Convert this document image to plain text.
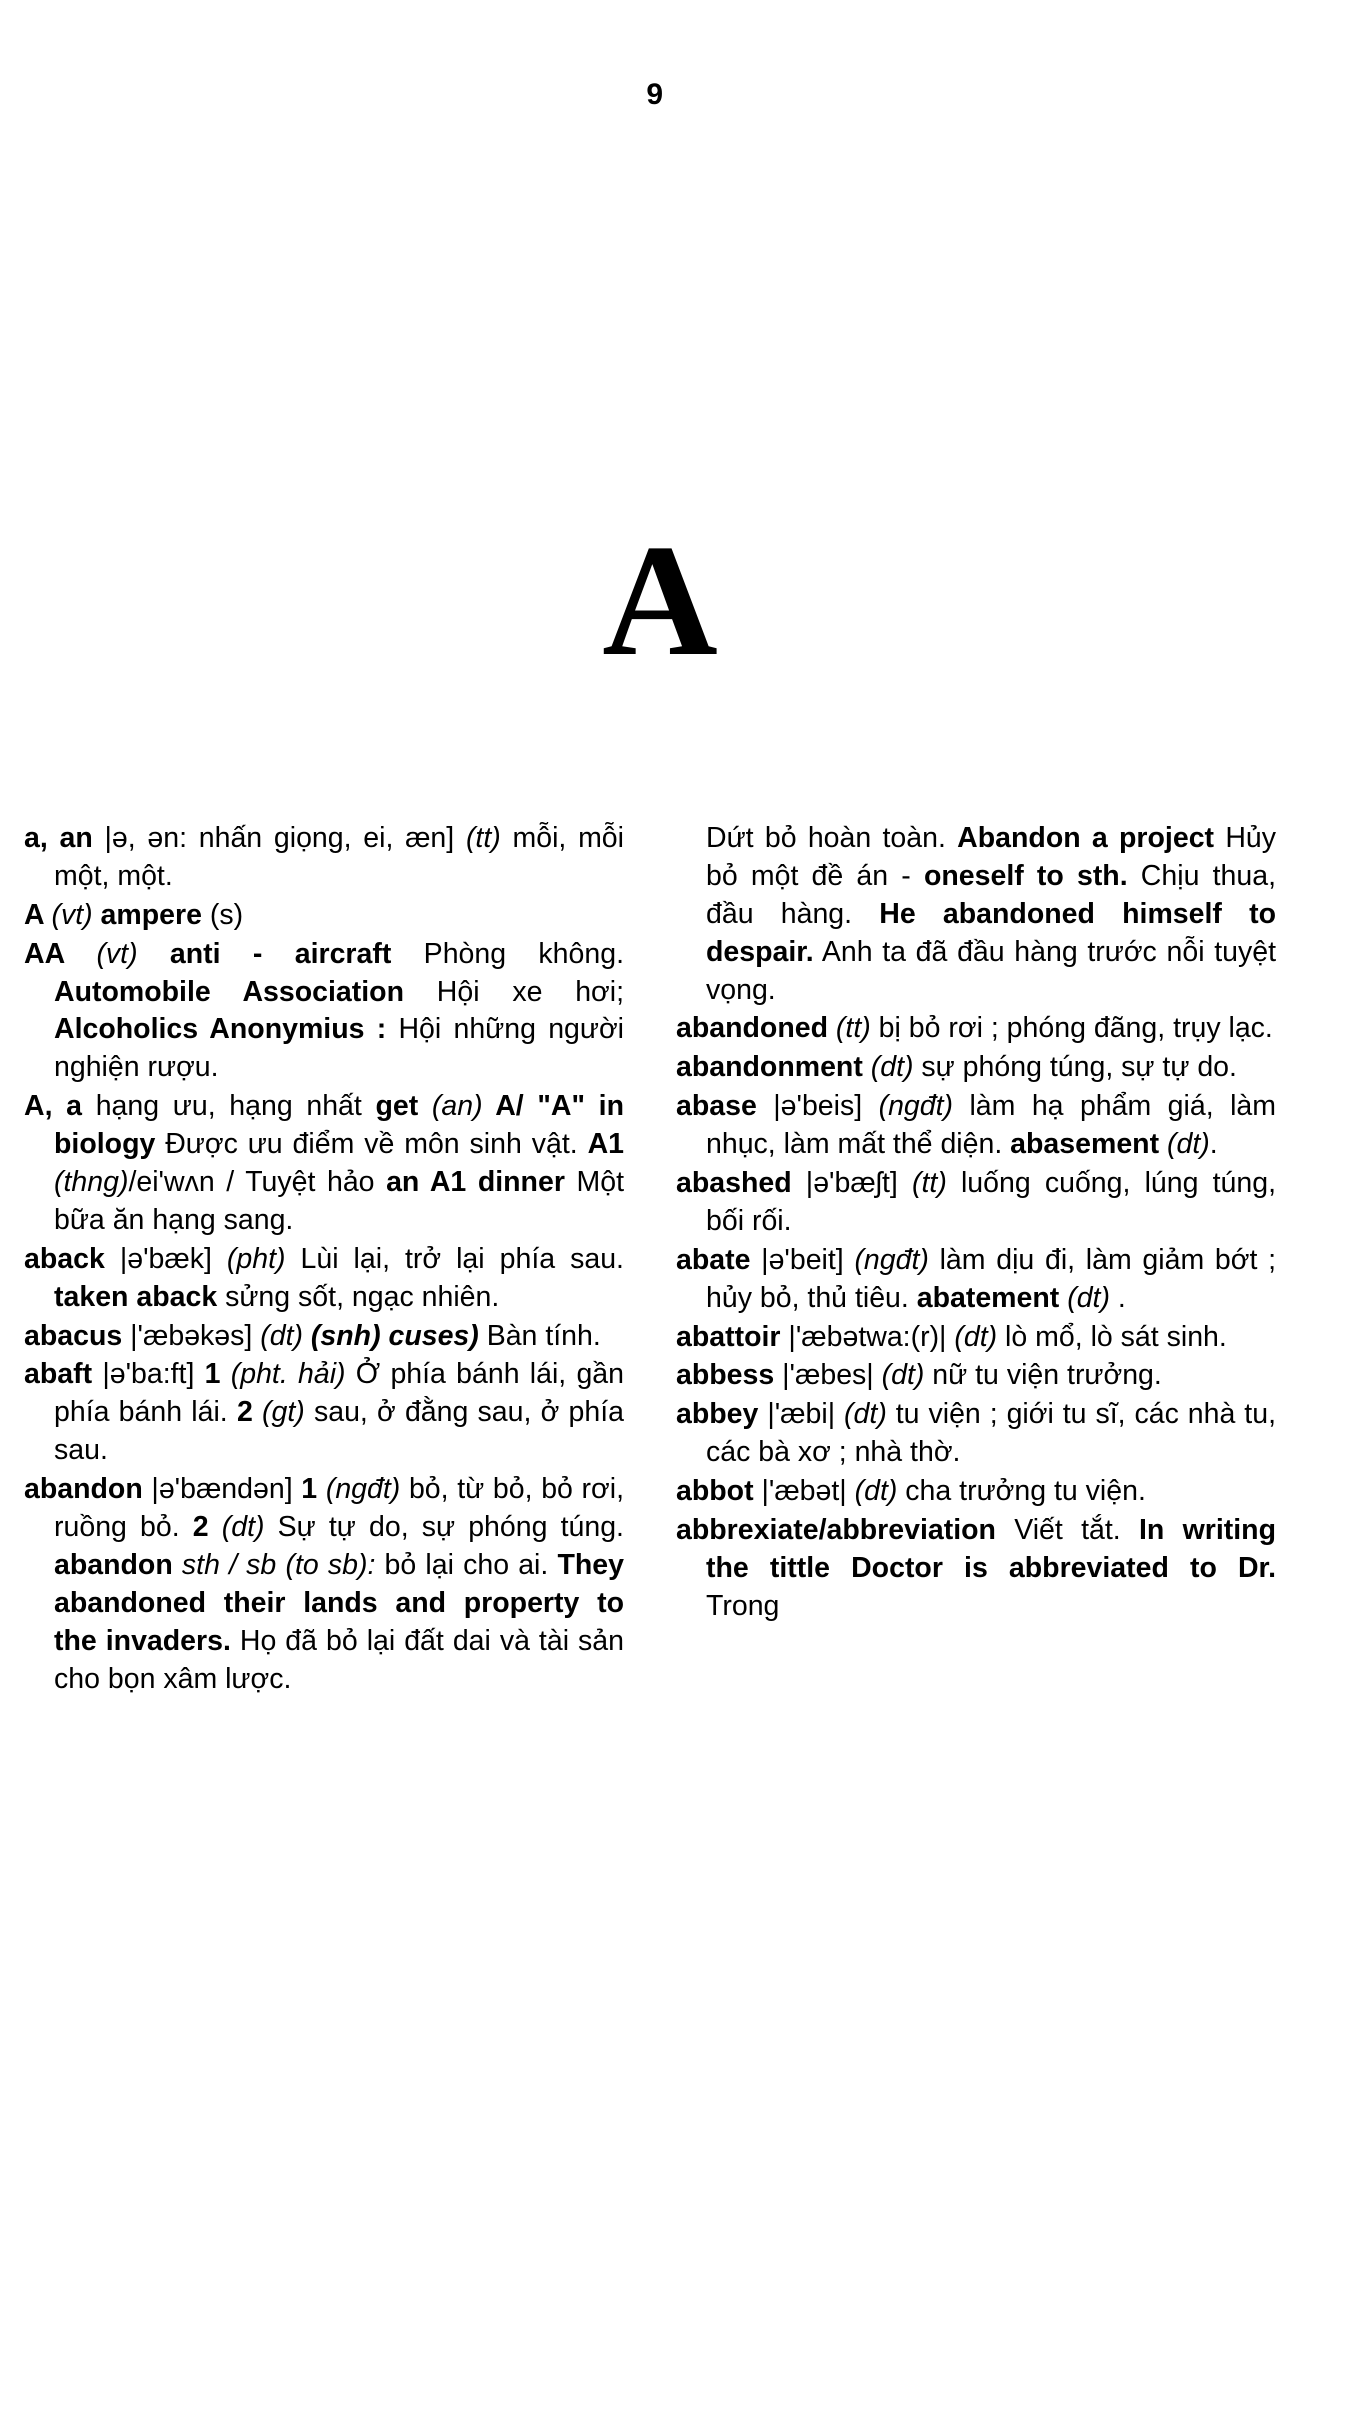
9
A

a, an |ə, ən: nhấn giọng, ei, æn] (tt) mỗi, mỗi một, một.

A (vt) ampere (s)

AA (vt) anti - aircraft Phòng không. Automobile Association Hội xe hơi; Alcoholics Anonymius : Hội những người nghiện rượu.

A, a hạng ưu, hạng nhất get (an) A/ "A" in biology Được ưu điểm về môn sinh vật. A1 (thng)/ei'wʌn / Tuyệt hảo an A1 dinner Một bữa ăn hạng sang.

aback |ə'bæk] (pht) Lùi lại, trở lại phía sau. taken aback sửng sốt, ngạc nhiên.

abacus |'æbəkəs] (dt) (snh) cuses) Bàn tính.

abaft |ə'ba:ft] 1 (pht. hải) Ở phía bánh lái, gần phía bánh lái. 2 (gt) sau, ở đằng sau, ở phía sau.

abandon |ə'bændən] 1 (ngđt) bỏ, từ bỏ, bỏ rơi, ruồng bỏ. 2 (dt) Sự tự do, sự phóng túng. abandon sth / sb (to sb): bỏ lại cho ai. They abandoned their lands and property to the invaders. Họ đã bỏ lại đất dai và tài sản cho bọn xâm lược.

Dứt bỏ hoàn toàn. Abandon a project Hủy bỏ một đề án - oneself to sth. Chịu thua, đầu hàng. He abandoned himself to despair. Anh ta đã đầu hàng trước nỗi tuyệt vọng.

abandoned (tt) bị bỏ rơi ; phóng đãng, trụy lạc.

abandonment (dt) sự phóng túng, sự tự do.

abase |ə'beis] (ngđt) làm hạ phẩm giá, làm nhục, làm mất thể diện. abasement (dt).

abashed |ə'bæʃt] (tt) luống cuống, lúng túng, bối rối.

abate |ə'beit] (ngđt) làm dịu đi, làm giảm bớt ; hủy bỏ, thủ tiêu. abatement (dt) .

abattoir |'æbətwa:(r)| (dt) lò mổ, lò sát sinh.

abbess |'æbes| (dt) nữ tu viện trưởng.

abbey |'æbi| (dt) tu viện ; giới tu sĩ, các nhà tu, các bà xơ ; nhà thờ.

abbot |'æbət| (dt) cha trưởng tu viện.

abbrexiate/abbreviation Viết tắt. In writing the tittle Doctor is abbreviated to Dr. Trong
